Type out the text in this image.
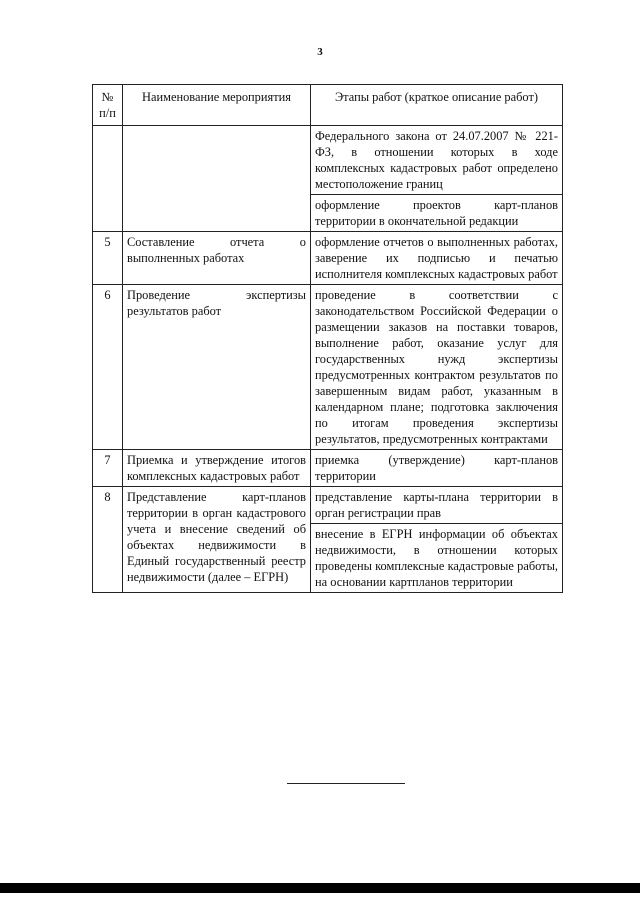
3
№ п/п	Наименование мероприятия	Этапы работ (краткое описание работ)
		Федерального закона от 24.07.2007 № 221-ФЗ, в отношении которых в ходе комплексных кадастровых работ определено местоположение границ
		оформление проектов карт-планов территории в окончательной редакции
5	Составление отчета о выполненных работах	оформление отчетов о выполненных работах, заверение их подписью и печатью исполнителя комплексных кадастровых работ
6	Проведение экспертизы результатов работ	проведение в соответствии с законодательством Российской Федерации о размещении заказов на поставки товаров, выполнение работ, оказание услуг для государственных нужд экспертизы предусмотренных контрактом результатов по завершенным видам работ, указанным в календарном плане; подготовка заключения по итогам проведения экспертизы результатов, предусмотренных контрактами
7	Приемка и утверждение итогов комплексных кадастровых работ	приемка (утверждение) карт-планов территории
8	Представление карт-планов территории в орган кадастрового учета и внесение сведений об объектах недвижимости в Единый государственный реестр недвижимости (далее – ЕГРН)	представление карты-плана территории в орган регистрации прав
		внесение в ЕГРН информации об объектах недвижимости, в отношении которых проведены комплексные кадастровые работы, на основании картпланов территории
